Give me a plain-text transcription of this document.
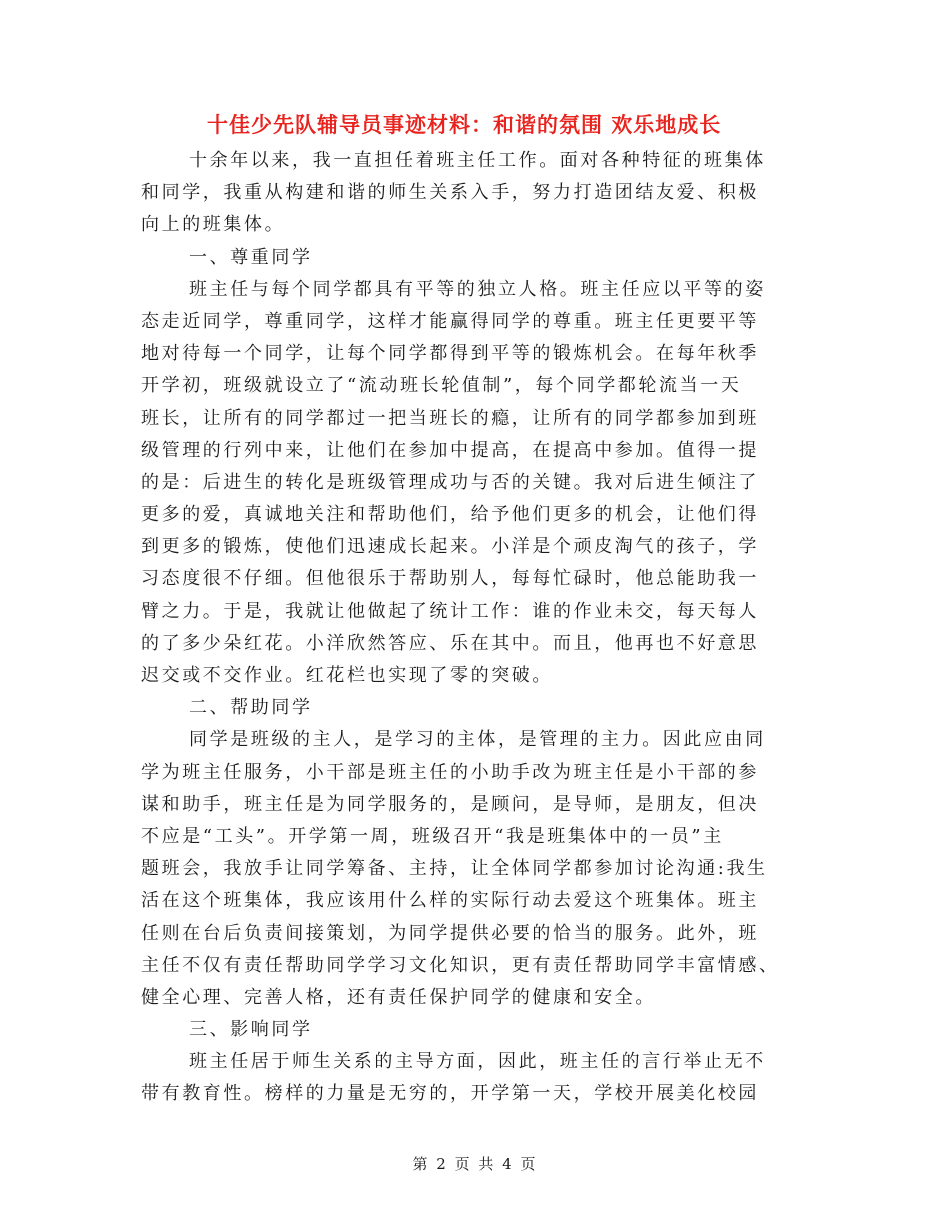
十佳少先队辅导员事迹材料：和谐的氛围 欢乐地成长
十余年以来，我一直担任着班主任工作。面对各种特征的班集体
和同学，我重从构建和谐的师生关系入手，努力打造团结友爱、积极
向上的班集体。
一、尊重同学
班主任与每个同学都具有平等的独立人格。班主任应以平等的姿
态走近同学，尊重同学，这样才能赢得同学的尊重。班主任更要平等
地对待每一个同学，让每个同学都得到平等的锻炼机会。在每年秋季
开学初，班级就设立了“流动班长轮值制”，每个同学都轮流当一天
班长，让所有的同学都过一把当班长的瘾，让所有的同学都参加到班
级管理的行列中来，让他们在参加中提高，在提高中参加。值得一提
的是：后进生的转化是班级管理成功与否的关键。我对后进生倾注了
更多的爱，真诚地关注和帮助他们，给予他们更多的机会，让他们得
到更多的锻炼，使他们迅速成长起来。小洋是个顽皮淘气的孩子，学
习态度很不仔细。但他很乐于帮助别人，每每忙碌时，他总能助我一
臂之力。于是，我就让他做起了统计工作：谁的作业未交，每天每人
的了多少朵红花。小洋欣然答应、乐在其中。而且，他再也不好意思
迟交或不交作业。红花栏也实现了零的突破。
二、帮助同学
同学是班级的主人，是学习的主体，是管理的主力。因此应由同
学为班主任服务，小干部是班主任的小助手改为班主任是小干部的参
谋和助手，班主任是为同学服务的，是顾问，是导师，是朋友，但决
不应是“工头”。开学第一周，班级召开“我是班集体中的一员”主
题班会，我放手让同学筹备、主持，让全体同学都参加讨论沟通:我生
活在这个班集体，我应该用什么样的实际行动去爱这个班集体。班主
任则在台后负责间接策划，为同学提供必要的恰当的服务。此外，班
主任不仅有责任帮助同学学习文化知识，更有责任帮助同学丰富情感、
健全心理、完善人格，还有责任保护同学的健康和安全。
三、影响同学
班主任居于师生关系的主导方面，因此，班主任的言行举止无不
带有教育性。榜样的力量是无穷的，开学第一天，学校开展美化校园
第 2 页 共 4 页
